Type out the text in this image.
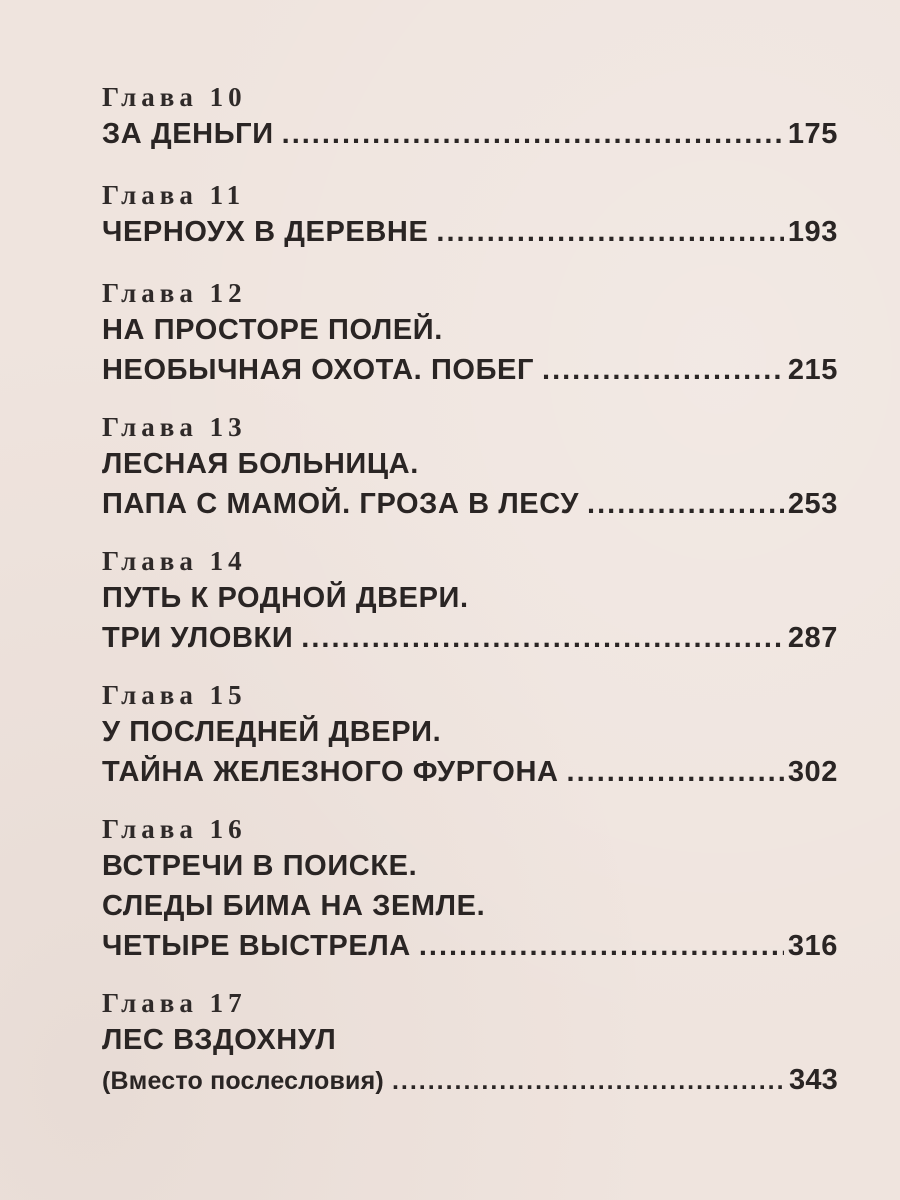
Глава 10
ЗА ДЕНЬГИ .....	175
Глава 11
ЧЕРНОУХ В ДЕРЕВНЕ .....	193
Глава 12
НА ПРОСТОРЕ ПОЛЕЙ.
НЕОБЫЧНАЯ ОХОТА. ПОБЕГ .....	215
Глава 13
ЛЕСНАЯ БОЛЬНИЦА.
ПАПА С МАМОЙ. ГРОЗА В ЛЕСУ .....	253
Глава 14
ПУТЬ К РОДНОЙ ДВЕРИ.
ТРИ УЛОВКИ .....	287
Глава 15
У ПОСЛЕДНЕЙ ДВЕРИ.
ТАЙНА ЖЕЛЕЗНОГО ФУРГОНА .....	302
Глава 16
ВСТРЕЧИ В ПОИСКЕ.
СЛЕДЫ БИМА НА ЗЕМЛЕ.
ЧЕТЫРЕ ВЫСТРЕЛА .....	316
Глава 17
ЛЕС ВЗДОХНУЛ
(Вместо послесловия) .....	343
